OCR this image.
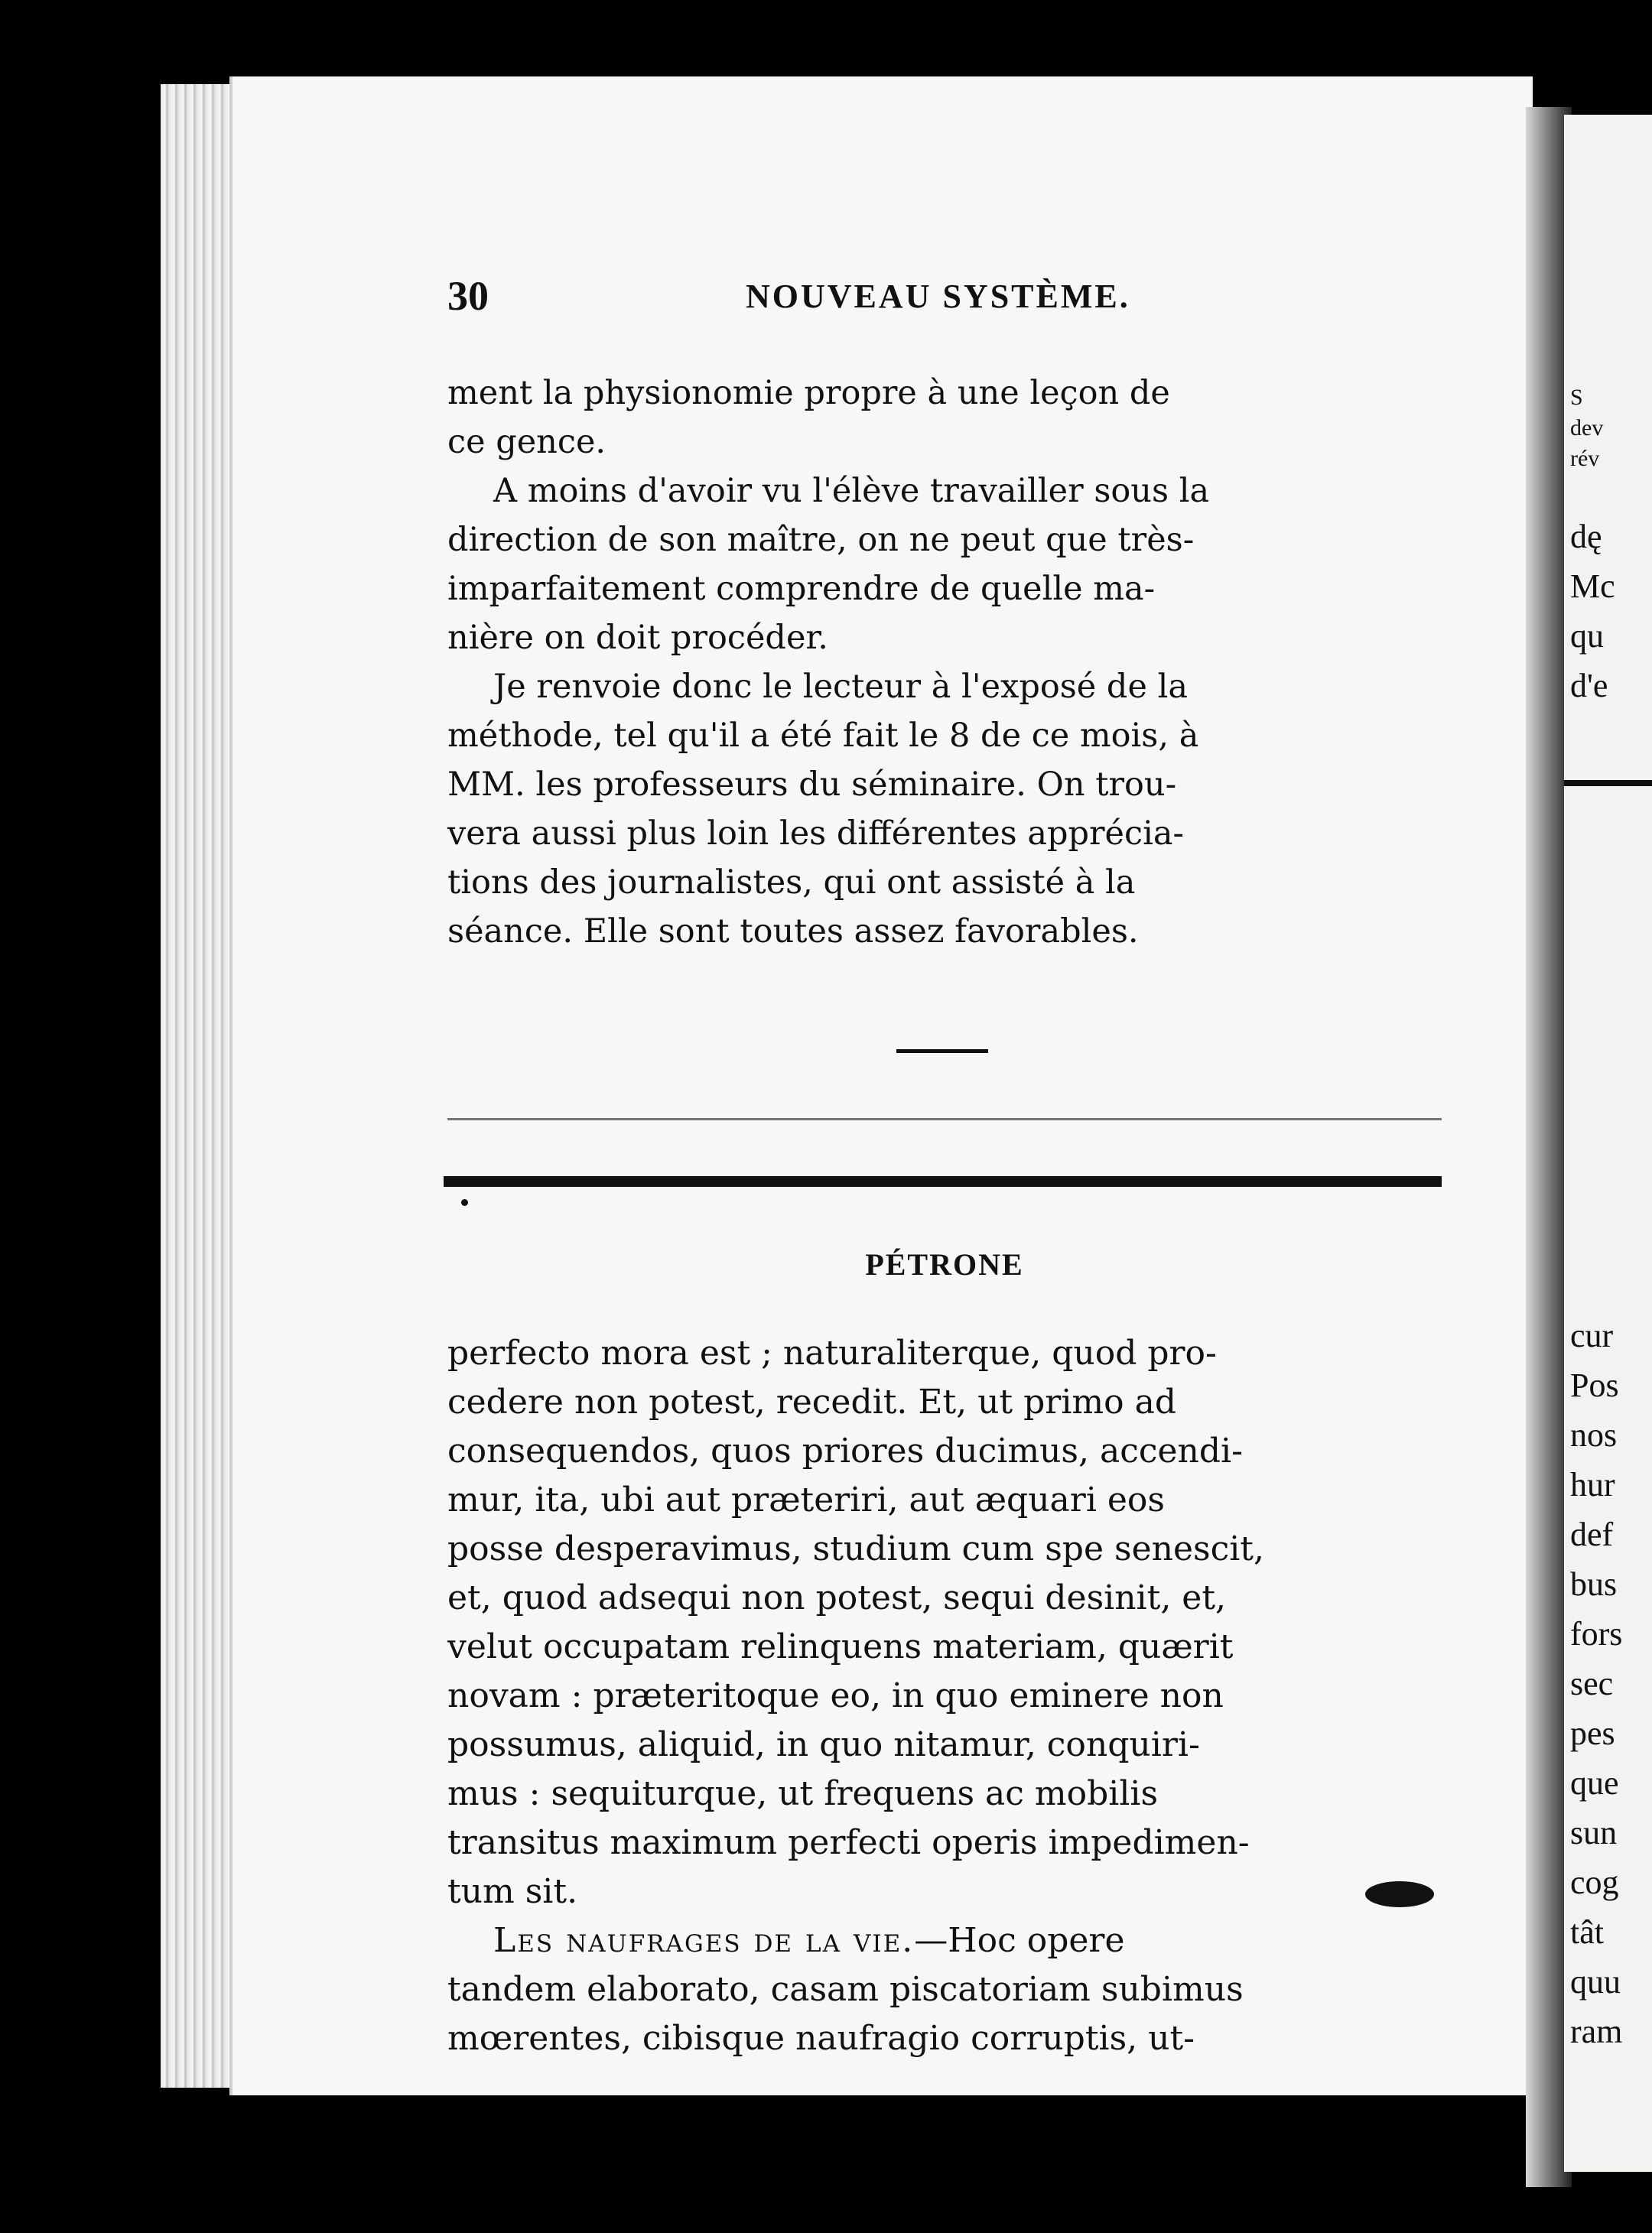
S
dev
rév
dę
Mc
qu
d'e
cur
Pos
nos
hur
def
bus
fors
sec
pes
que
sun
cog
tât
quu
ram
30	NOUVEAU SYSTÈME.

ment la physionomie propre à une leçon de
ce gence.

A moins d'avoir vu l'élève travailler sous la
direction de son maître, on ne peut que très-
imparfaitement comprendre de quelle ma-
nière on doit procéder.

Je renvoie donc le lecteur à l'exposé de la
méthode, tel qu'il a été fait le 8 de ce mois, à
MM. les professeurs du séminaire. On trou-
vera aussi plus loin les différentes apprécia-
tions des journalistes, qui ont assisté à la
séance. Elle sont toutes assez favorables.

PÉTRONE

perfecto mora est ; naturaliterque, quod pro-
cedere non potest, recedit. Et, ut primo ad
consequendos, quos priores ducimus, accendi-
mur, ita, ubi aut præteriri, aut æquari eos
posse desperavimus, studium cum spe senescit,
et, quod adsequi non potest, sequi desinit, et,
velut occupatam relinquens materiam, quærit
novam : præteritoque eo, in quo eminere non
possumus, aliquid, in quo nitamur, conquiri-
mus : sequiturque, ut frequens ac mobilis
transitus maximum perfecti operis impedimen-
tum sit.

Les naufrages de la vie.—Hoc opere
tandem elaborato, casam piscatoriam subimus
mœrentes, cibisque naufragio corruptis, ut-
